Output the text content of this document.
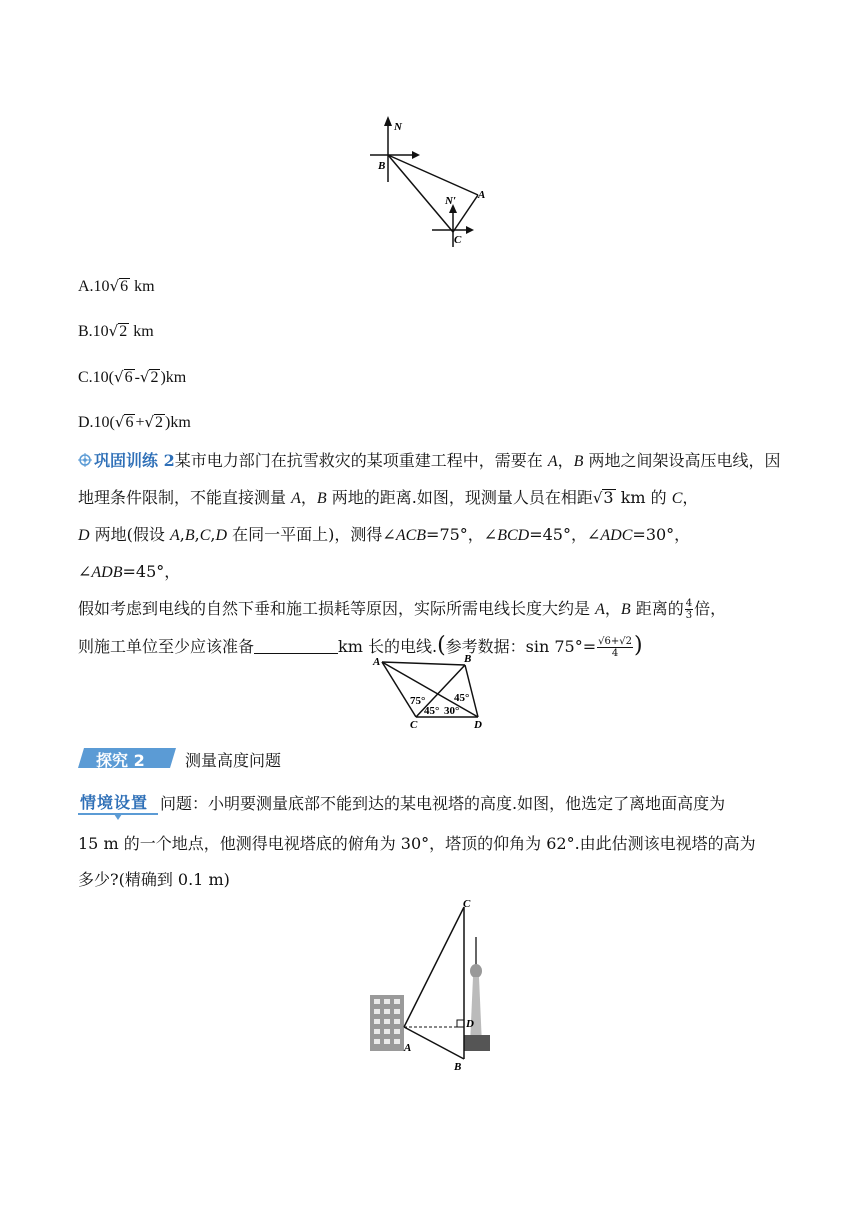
N
B
A
N′
C
A.10√6 km
B.10√2 km
C.10(√6 -√2 )km
D.10(√6 +√2 )km
巩固训练 2某市电力部门在抗雪救灾的某项重建工程中，需要在 A，B 两地之间架设高压电线，因地理条件限制，不能直接测量 A，B 两地的距离.如图，现测量人员在相距√3 km 的 C，
D 两地(假设 A,B,C,D 在同一平面上)，测得∠ACB=75°，∠BCD=45°，∠ADC=30°，∠ADB=45°，
假如考虑到电线的自然下垂和施工损耗等原因，实际所需电线长度大约是 A，B 距离的 $\frac{4}{3}$ 倍，
则施工单位至少应该准备	km 长的电线.(参考数据：$\sin 75^\circ= \frac{√6+√2}{4}$ )
A	B
C	D
75°
45° 30°
45°
探究 2	测量高度问题
情境设置 问题：小明要测量底部不能到达的某电视塔的高度.如图，他选定了离地面高度为
15 m 的一个地点，他测得电视塔底的俯角为 30°，塔顶的仰角为 62°.由此估测该电视塔的高为
多少?(精确到 0.1 m)
C
D
A
B
